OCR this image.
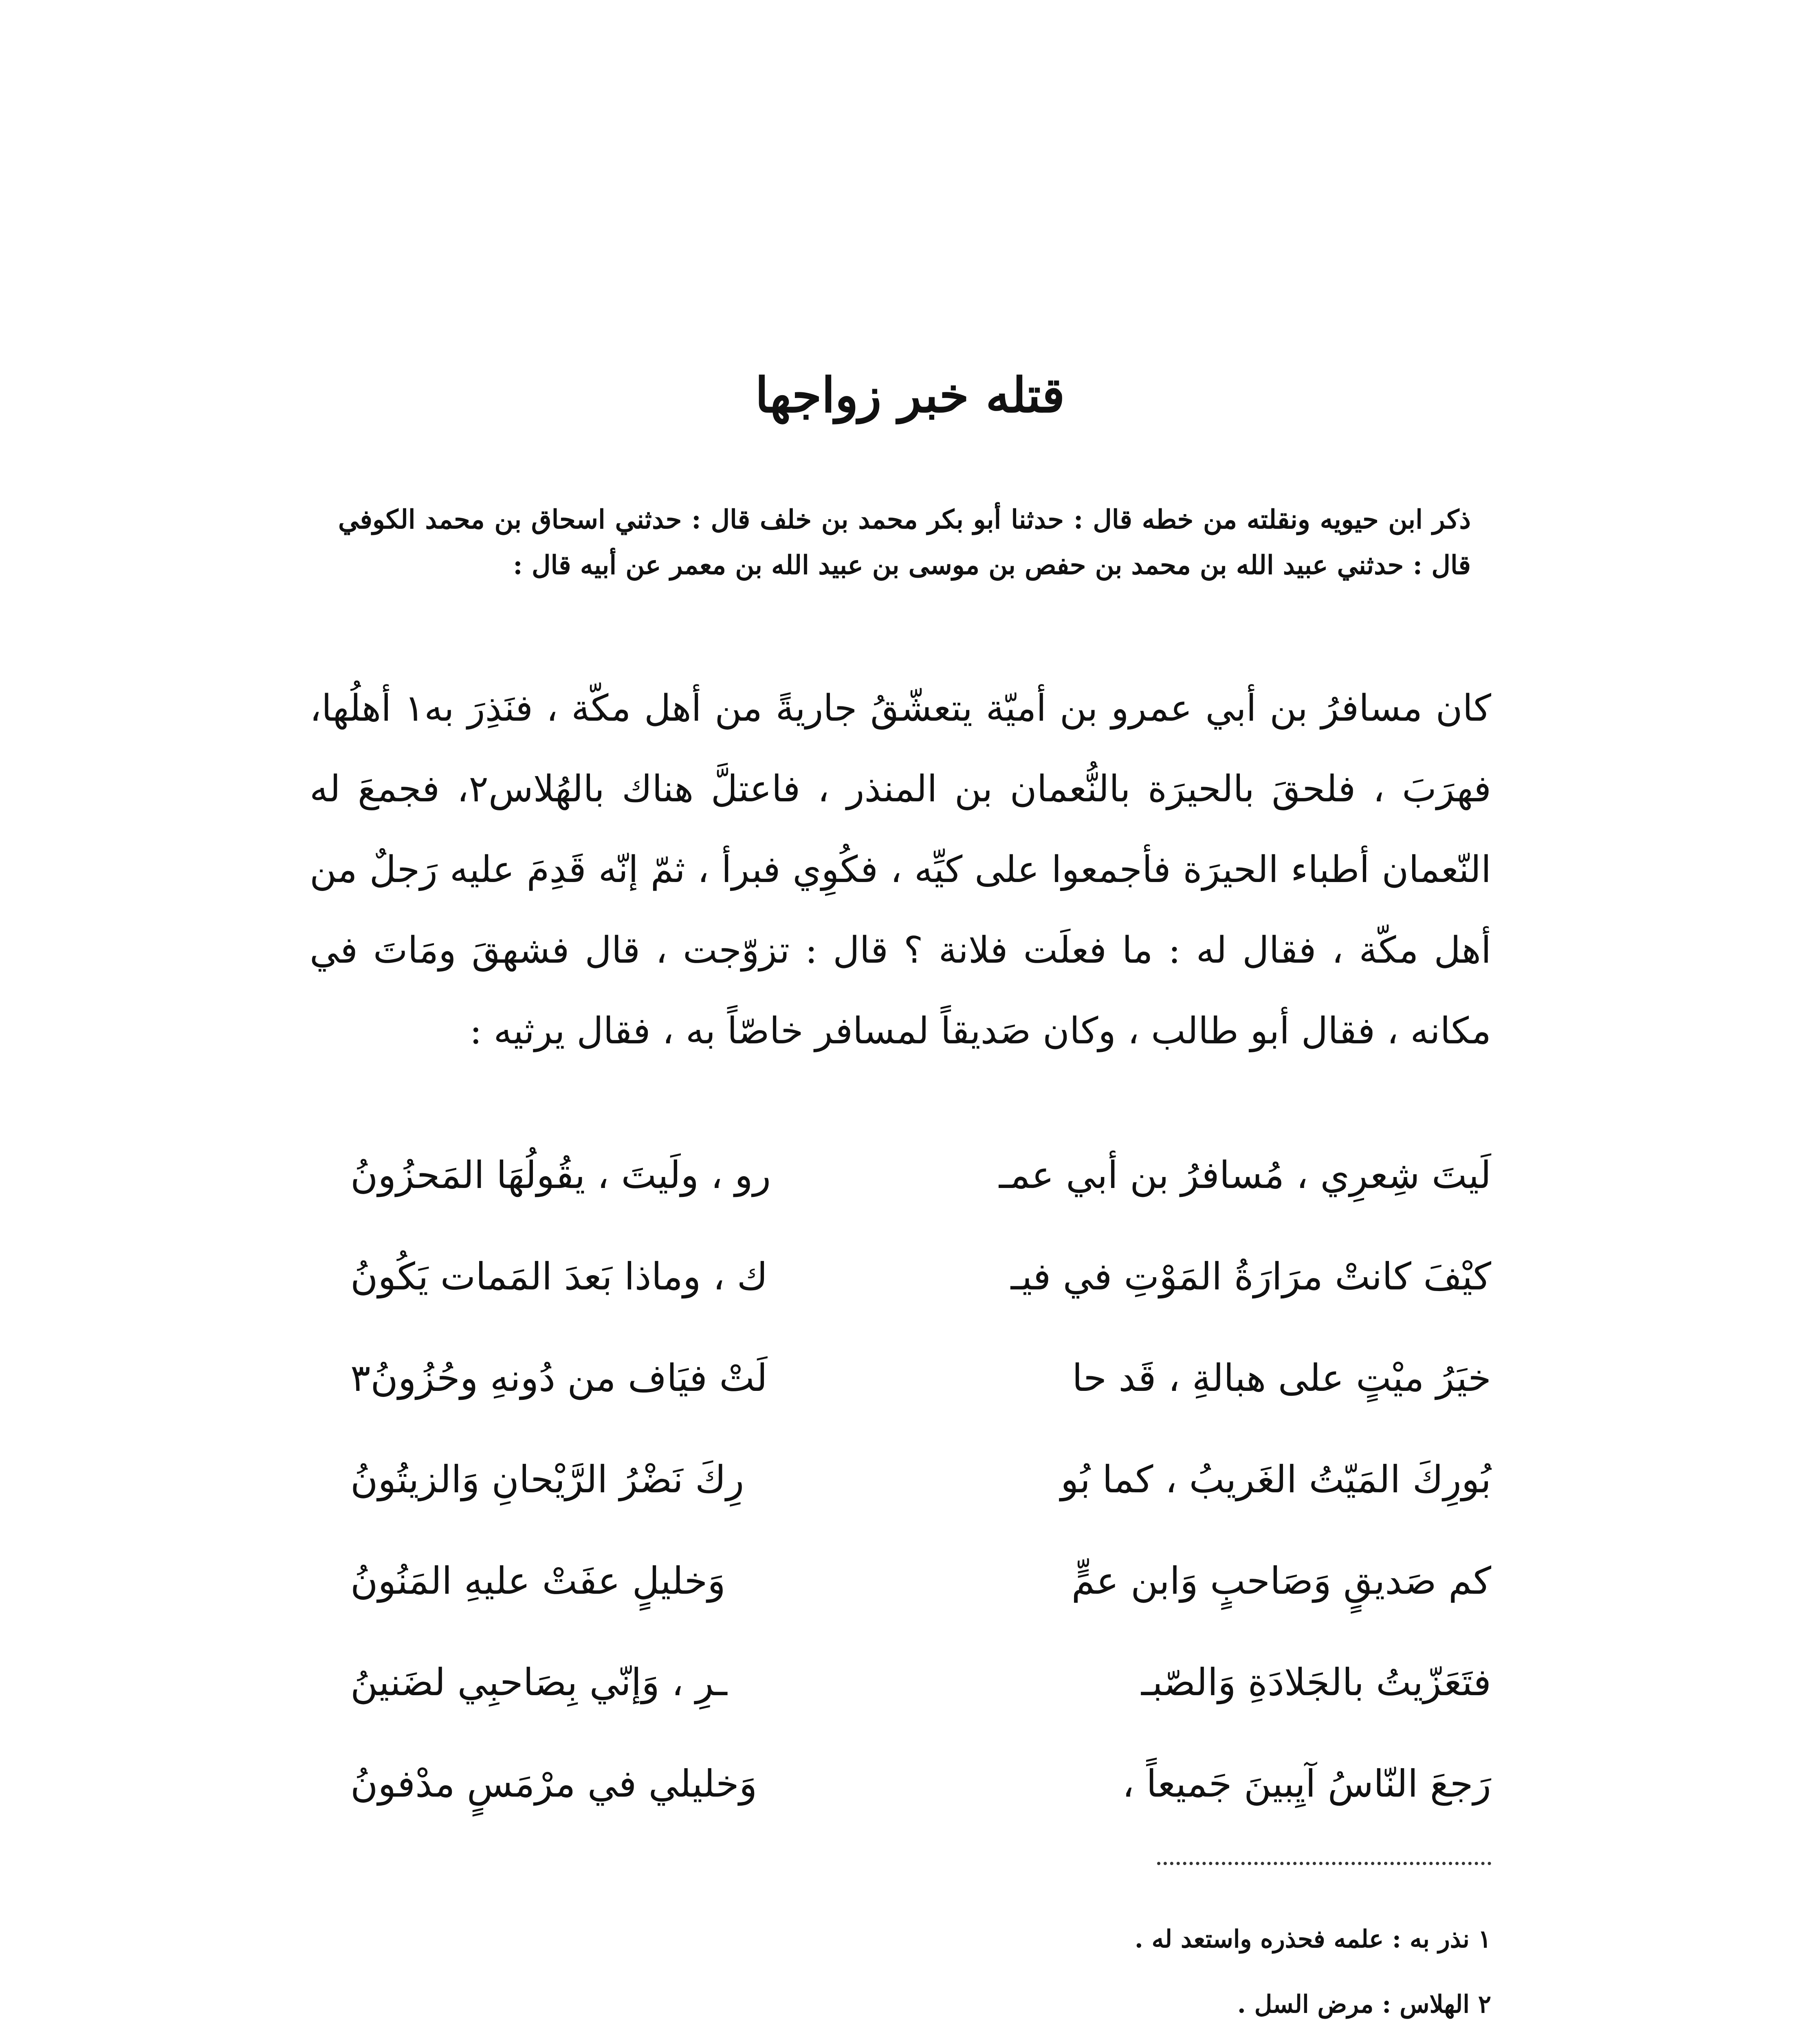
قتله خبر زواجها
ذكر ابن حيويه ونقلته من خطه قال : حدثنا أبو بكر محمد بن خلف قال : حدثني اسحاق بن محمد الكوفي قال : حدثني عبيد الله بن محمد بن حفص بن موسى بن عبيد الله بن معمر عن أبيه قال :
كان مسافرُ بن أبي عمرو بن أميّة يتعشّقُ جاريةً من أهل مكّة ، فنَذِرَ به١ أهلُها، فهرَبَ ، فلحقَ بالحيرَة بالنُّعمان بن المنذر ، فاعتلَّ هناك بالهُلاس٢، فجمعَ له النّعمان أطباء الحيرَة فأجمعوا على كيِّه ، فكُوِي فبرأ ، ثمّ إنّه قَدِمَ عليه رَجلٌ من أهل مكّة ، فقال له : ما فعلَت فلانة ؟ قال : تزوّجت ، قال فشهقَ ومَاتَ في مكانه ، فقال أبو طالب ، وكان صَديقاً لمسافر خاصّاً به ، فقال يرثيه :
لَيتَ شِعرِي ، مُسافرُ بن أبي عمـ
رو ، ولَيتَ ، يقُولُهَا المَحزُونُ
كيْفَ كانتْ مرَارَةُ المَوْتِ في فيـ
ك ، وماذا بَعدَ المَمات يَكُونُ
خيَرُ ميْتٍ على هبالةِ ، قَد حا
لَتْ فيَاف من دُونهِ وحُزُونُ٣
بُورِكَ المَيّتُ الغَريبُ ، كما بُو
رِكَ نَضْرُ الرَّيْحانِ وَالزيتُونُ
كم صَديقٍ وَصَاحبٍ وَابن عمٍّ
وَخليلٍ عفَتْ عليهِ المَنُونُ
فتَعَزّيتُ بالجَلادَةِ وَالصّبـ
ـرِ ، وَإنّي بِصَاحبِي لضَنينُ
رَجعَ النّاسُ آيِبينَ جَميعاً ،
وَخليلي في مرْمَسٍ مدْفونُ
١ نذر به : علمه فحذره واستعد له .
٢ الهلاس : مرض السل .
